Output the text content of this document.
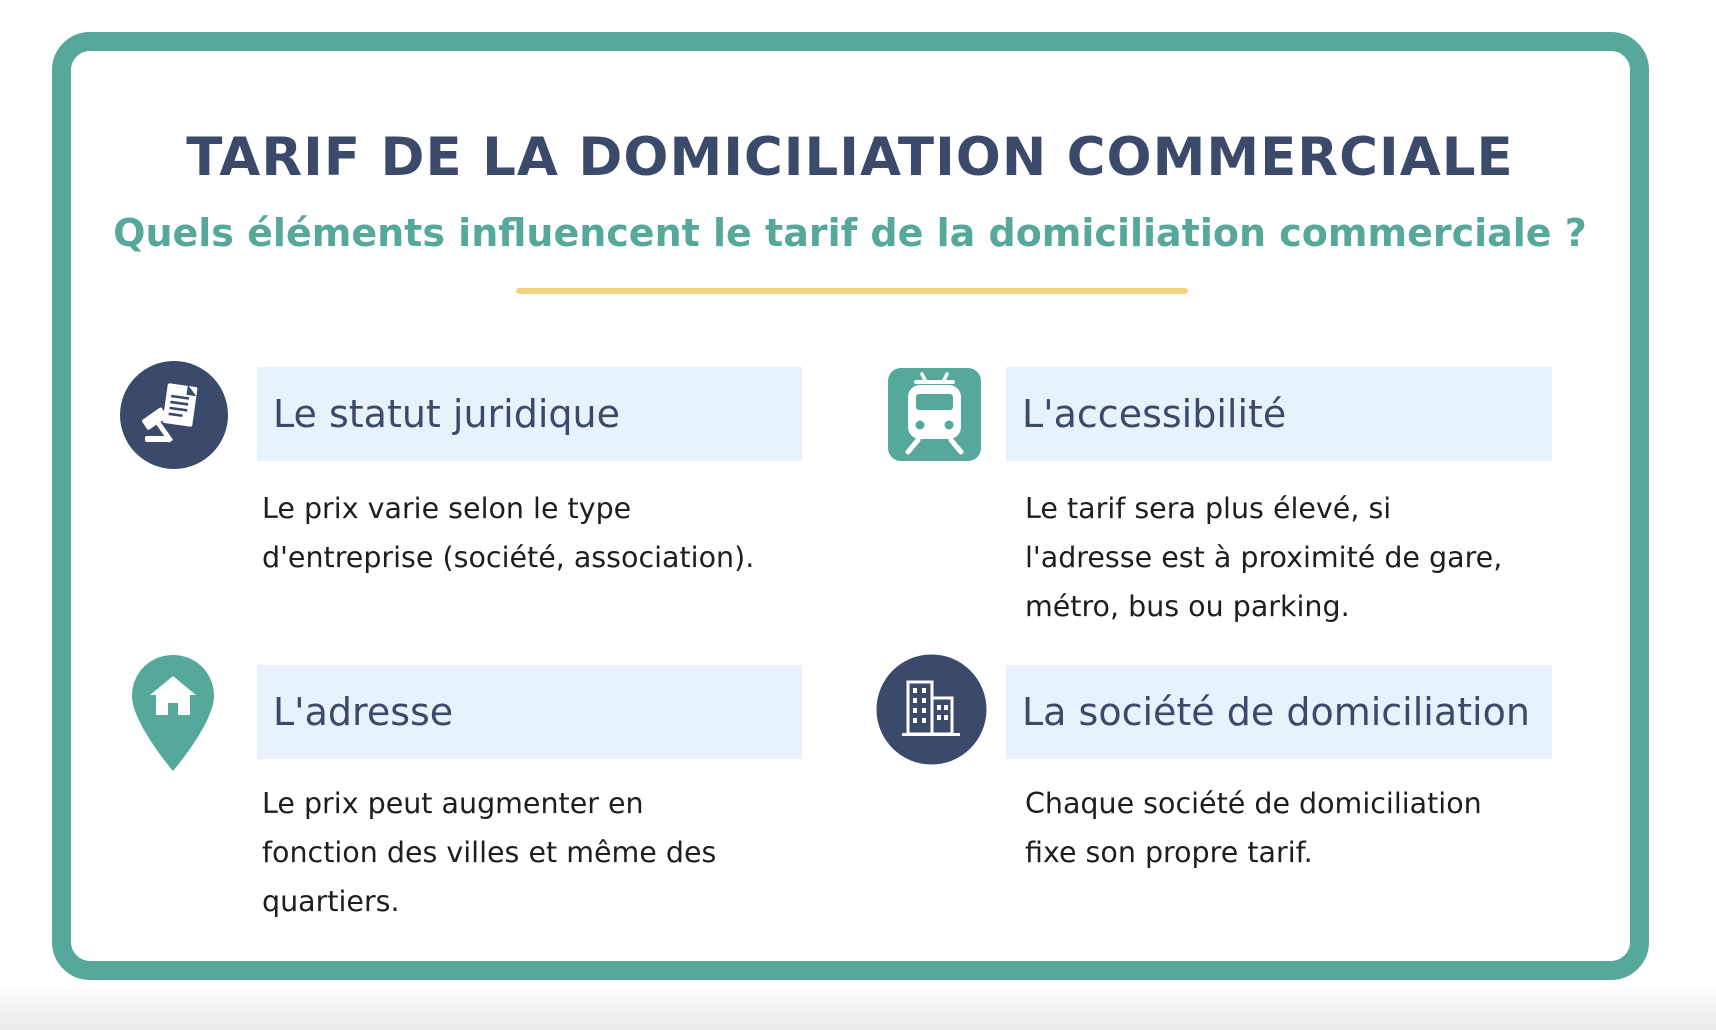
TARIF DE LA DOMICILIATION COMMERCIALE
Quels éléments influencent le tarif de la domiciliation commerciale ?
Le statut juridique
Le prix varie selon le type
d'entreprise (société, association).
L'accessibilité
Le tarif sera plus élevé, si
l'adresse est à proximité de gare,
métro, bus ou parking.
L'adresse
Le prix peut augmenter en
fonction des villes et même des
quartiers.
La société de domiciliation
Chaque société de domiciliation
fixe son propre tarif.
